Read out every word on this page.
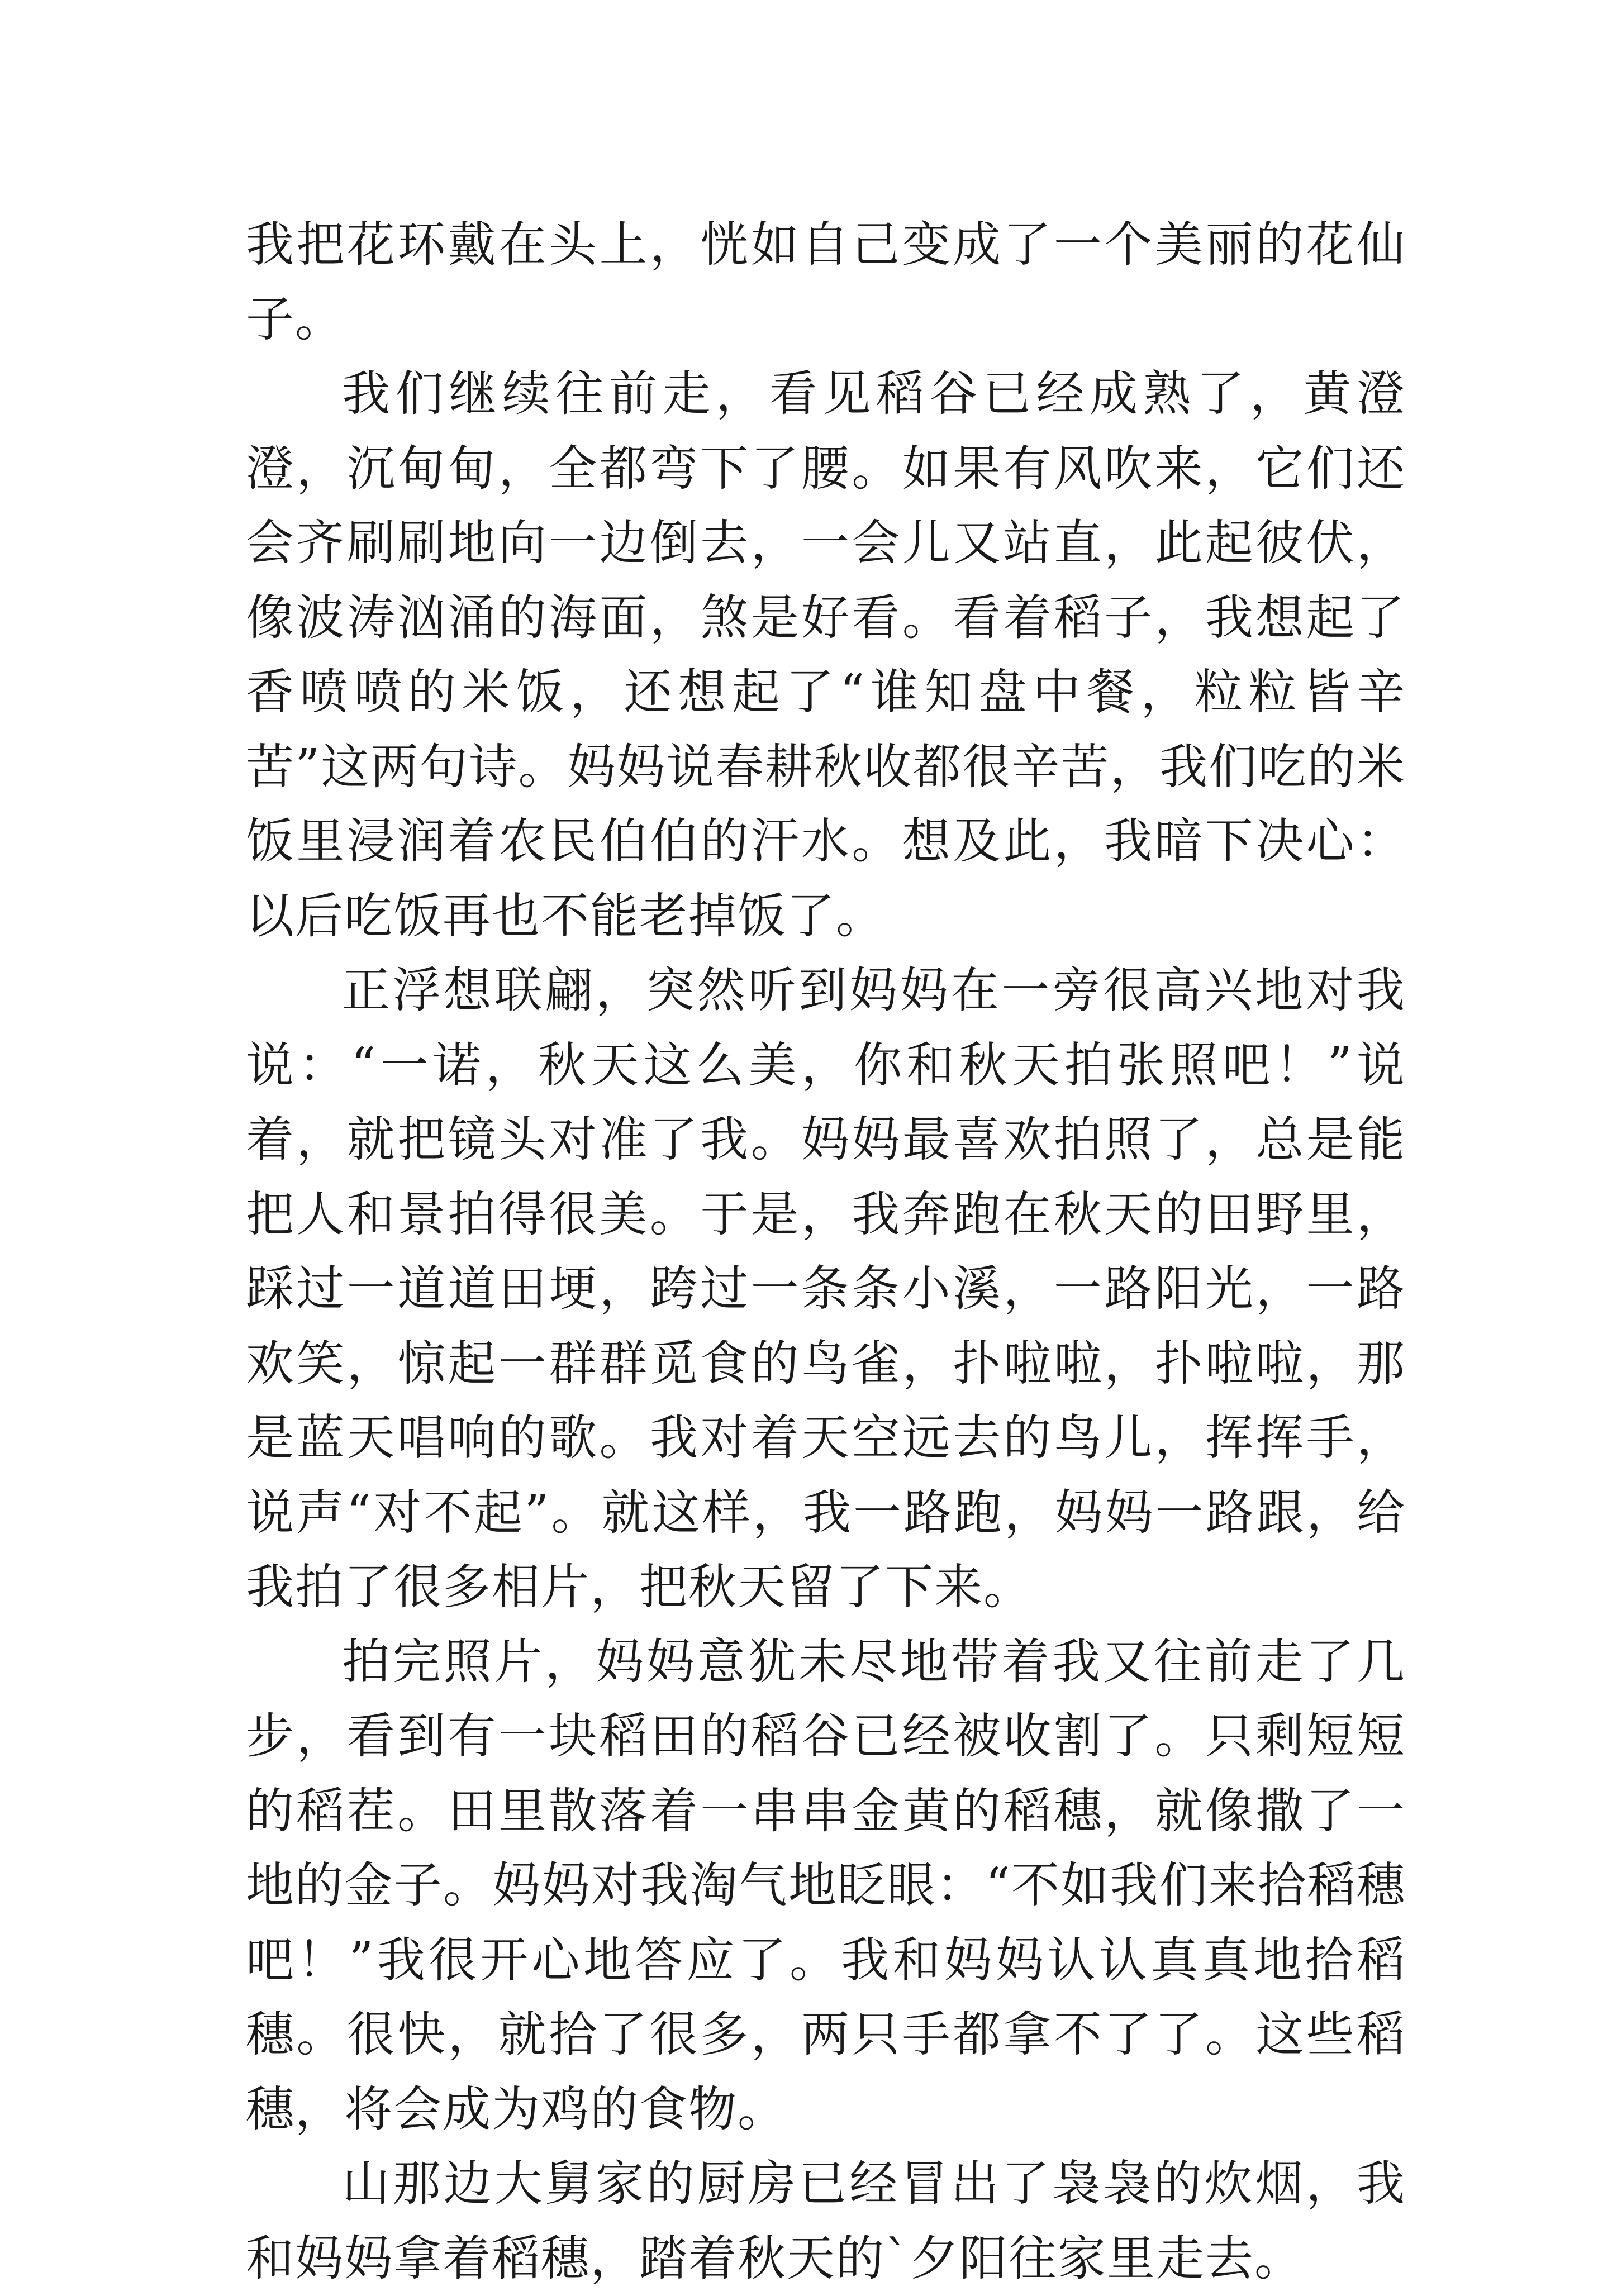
我把花环戴在头上，恍如自己变成了一个美丽的花仙子。

我们继续往前走，看见稻谷已经成熟了，黄澄澄，沉甸甸，全都弯下了腰。如果有风吹来，它们还会齐刷刷地向一边倒去，一会儿又站直，此起彼伏，像波涛汹涌的海面，煞是好看。看着稻子，我想起了香喷喷的米饭，还想起了“谁知盘中餐，粒粒皆辛苦”这两句诗。妈妈说春耕秋收都很辛苦，我们吃的米饭里浸润着农民伯伯的汗水。想及此，我暗下决心：以后吃饭再也不能老掉饭了。

正浮想联翩，突然听到妈妈在一旁很高兴地对我说：“一诺，秋天这么美，你和秋天拍张照吧！”说着，就把镜头对准了我。妈妈最喜欢拍照了，总是能把人和景拍得很美。于是，我奔跑在秋天的田野里，踩过一道道田埂，跨过一条条小溪，一路阳光，一路欢笑，惊起一群群觅食的鸟雀，扑啦啦，扑啦啦，那是蓝天唱响的歌。我对着天空远去的鸟儿，挥挥手，说声“对不起”。就这样，我一路跑，妈妈一路跟，给我拍了很多相片，把秋天留了下来。

拍完照片，妈妈意犹未尽地带着我又往前走了几步，看到有一块稻田的稻谷已经被收割了。只剩短短的稻茬。田里散落着一串串金黄的稻穗，就像撒了一地的金子。妈妈对我淘气地眨眼：“不如我们来拾稻穗吧！”我很开心地答应了。我和妈妈认认真真地拾稻穗。很快，就拾了很多，两只手都拿不了了。这些稻穗，将会成为鸡的食物。

山那边大舅家的厨房已经冒出了袅袅的炊烟，我和妈妈拿着稻穗，踏着秋天的`夕阳往家里走去。
